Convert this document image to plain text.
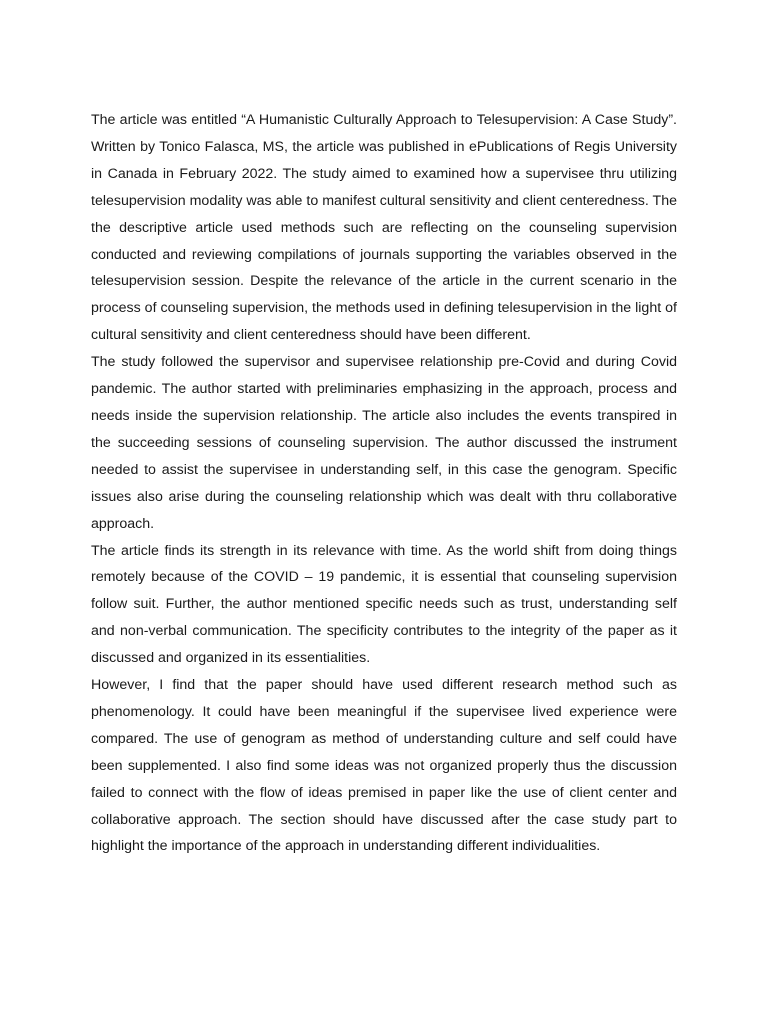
The article was entitled “A Humanistic Culturally Approach to Telesupervision: A Case Study”. Written by Tonico Falasca, MS, the article was published in ePublications of Regis University in Canada in February 2022. The study aimed to examined how a supervisee thru utilizing telesupervision modality was able to manifest cultural sensitivity and client centeredness. The the descriptive article used methods such are reflecting on the counseling supervision conducted and reviewing compilations of journals supporting the variables observed in the telesupervision session. Despite the relevance of the article in the current scenario in the process of counseling supervision, the methods used in defining telesupervision in the light of cultural sensitivity and client centeredness should have been different.

The study followed the supervisor and supervisee relationship pre-Covid and during Covid pandemic. The author started with preliminaries emphasizing in the approach, process and needs inside the supervision relationship. The article also includes the events transpired in the succeeding sessions of counseling supervision. The author discussed the instrument needed to assist the supervisee in understanding self, in this case the genogram. Specific issues also arise during the counseling relationship which was dealt with thru collaborative approach.

The article finds its strength in its relevance with time. As the world shift from doing things remotely because of the COVID – 19 pandemic, it is essential that counseling supervision follow suit. Further, the author mentioned specific needs such as trust, understanding self and non-verbal communication. The specificity contributes to the integrity of the paper as it discussed and organized in its essentialities.

However, I find that the paper should have used different research method such as phenomenology. It could have been meaningful if the supervisee lived experience were compared. The use of genogram as method of understanding culture and self could have been supplemented. I also find some ideas was not organized properly thus the discussion failed to connect with the flow of ideas premised in paper like the use of client center and collaborative approach. The section should have discussed after the case study part to highlight the importance of the approach in understanding different individualities.
